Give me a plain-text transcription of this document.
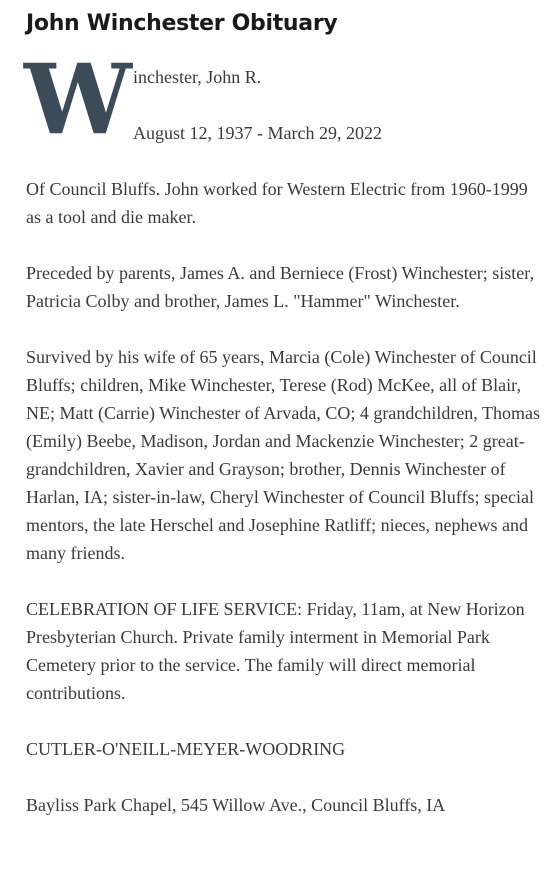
John Winchester Obituary
W inchester, John R.

August 12, 1937 - March 29, 2022

Of Council Bluffs. John worked for Western Electric from 1960-1999 as a tool and die maker.

Preceded by parents, James A. and Berniece (Frost) Winchester; sister, Patricia Colby and brother, James L. "Hammer" Winchester.

Survived by his wife of 65 years, Marcia (Cole) Winchester of Council Bluffs; children, Mike Winchester, Terese (Rod) McKee, all of Blair, NE; Matt (Carrie) Winchester of Arvada, CO; 4 grandchildren, Thomas (Emily) Beebe, Madison, Jordan and Mackenzie Winchester; 2 great-grandchildren, Xavier and Grayson; brother, Dennis Winchester of Harlan, IA; sister-in-law, Cheryl Winchester of Council Bluffs; special mentors, the late Herschel and Josephine Ratliff; nieces, nephews and many friends.

CELEBRATION OF LIFE SERVICE: Friday, 11am, at New Horizon Presbyterian Church. Private family interment in Memorial Park Cemetery prior to the service. The family will direct memorial contributions.

CUTLER-O'NEILL-MEYER-WOODRING

Bayliss Park Chapel, 545 Willow Ave., Council Bluffs, IA
